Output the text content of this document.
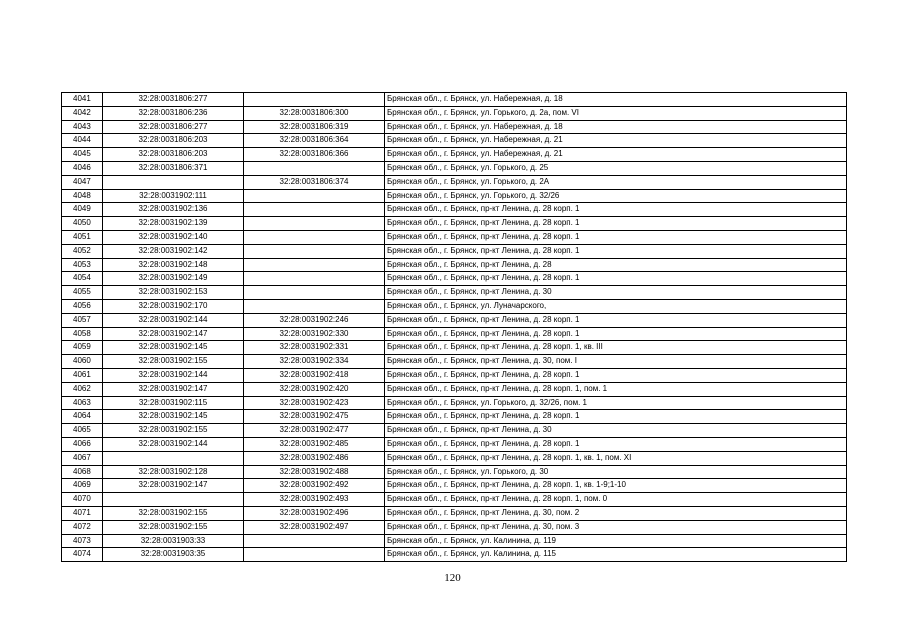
4041	32:28:0031806:277		Брянская обл., г. Брянск, ул. Набережная, д. 18
4042	32:28:0031806:236	32:28:0031806:300	Брянская обл., г. Брянск, ул. Горького, д. 2а, пом. VI
4043	32:28:0031806:277	32:28:0031806:319	Брянская обл., г. Брянск, ул. Набережная, д. 18
4044	32:28:0031806:203	32:28:0031806:364	Брянская обл., г. Брянск, ул. Набережная, д. 21
4045	32:28:0031806:203	32:28:0031806:366	Брянская обл., г. Брянск, ул. Набережная, д. 21
4046	32:28:0031806:371		Брянская обл., г. Брянск, ул. Горького, д. 25
4047		32:28:0031806:374	Брянская обл., г. Брянск, ул. Горького, д. 2А
4048	32:28:0031902:111		Брянская обл., г. Брянск, ул. Горького, д. 32/26
4049	32:28:0031902:136		Брянская обл., г. Брянск, пр-кт Ленина, д. 28 корп. 1
4050	32:28:0031902:139		Брянская обл., г. Брянск, пр-кт Ленина, д. 28 корп. 1
4051	32:28:0031902:140		Брянская обл., г. Брянск, пр-кт Ленина, д. 28 корп. 1
4052	32:28:0031902:142		Брянская обл., г. Брянск, пр-кт Ленина, д. 28 корп. 1
4053	32:28:0031902:148		Брянская обл., г. Брянск, пр-кт Ленина, д. 28
4054	32:28:0031902:149		Брянская обл., г. Брянск, пр-кт Ленина, д. 28 корп. 1
4055	32:28:0031902:153		Брянская обл., г. Брянск, пр-кт Ленина, д. 30
4056	32:28:0031902:170		Брянская обл., г. Брянск, ул. Луначарского,
4057	32:28:0031902:144	32:28:0031902:246	Брянская обл., г. Брянск, пр-кт Ленина, д. 28 корп. 1
4058	32:28:0031902:147	32:28:0031902:330	Брянская обл., г. Брянск, пр-кт Ленина, д. 28 корп. 1
4059	32:28:0031902:145	32:28:0031902:331	Брянская обл., г. Брянск, пр-кт Ленина, д. 28 корп. 1, кв. III
4060	32:28:0031902:155	32:28:0031902:334	Брянская обл., г. Брянск, пр-кт Ленина, д. 30, пом. I
4061	32:28:0031902:144	32:28:0031902:418	Брянская обл., г. Брянск, пр-кт Ленина, д. 28 корп. 1
4062	32:28:0031902:147	32:28:0031902:420	Брянская обл., г. Брянск, пр-кт Ленина, д. 28 корп. 1, пом. 1
4063	32:28:0031902:115	32:28:0031902:423	Брянская обл., г. Брянск, ул. Горького, д. 32/26, пом. 1
4064	32:28:0031902:145	32:28:0031902:475	Брянская обл., г. Брянск, пр-кт Ленина, д. 28 корп. 1
4065	32:28:0031902:155	32:28:0031902:477	Брянская обл., г. Брянск, пр-кт Ленина, д. 30
4066	32:28:0031902:144	32:28:0031902:485	Брянская обл., г. Брянск, пр-кт Ленина, д. 28 корп. 1
4067		32:28:0031902:486	Брянская обл., г. Брянск, пр-кт Ленина, д. 28 корп. 1, кв. 1, пом. XI
4068	32:28:0031902:128	32:28:0031902:488	Брянская обл., г. Брянск, ул. Горького, д. 30
4069	32:28:0031902:147	32:28:0031902:492	Брянская обл., г. Брянск, пр-кт Ленина, д. 28 корп. 1, кв. 1-9;1-10
4070		32:28:0031902:493	Брянская обл., г. Брянск, пр-кт Ленина, д. 28 корп. 1, пом. 0
4071	32:28:0031902:155	32:28:0031902:496	Брянская обл., г. Брянск, пр-кт Ленина, д. 30, пом. 2
4072	32:28:0031902:155	32:28:0031902:497	Брянская обл., г. Брянск, пр-кт Ленина, д. 30, пом. 3
4073	32:28:0031903:33		Брянская обл., г. Брянск, ул. Калинина, д. 119
4074	32:28:0031903:35		Брянская обл., г. Брянск, ул. Калинина, д. 115
120
